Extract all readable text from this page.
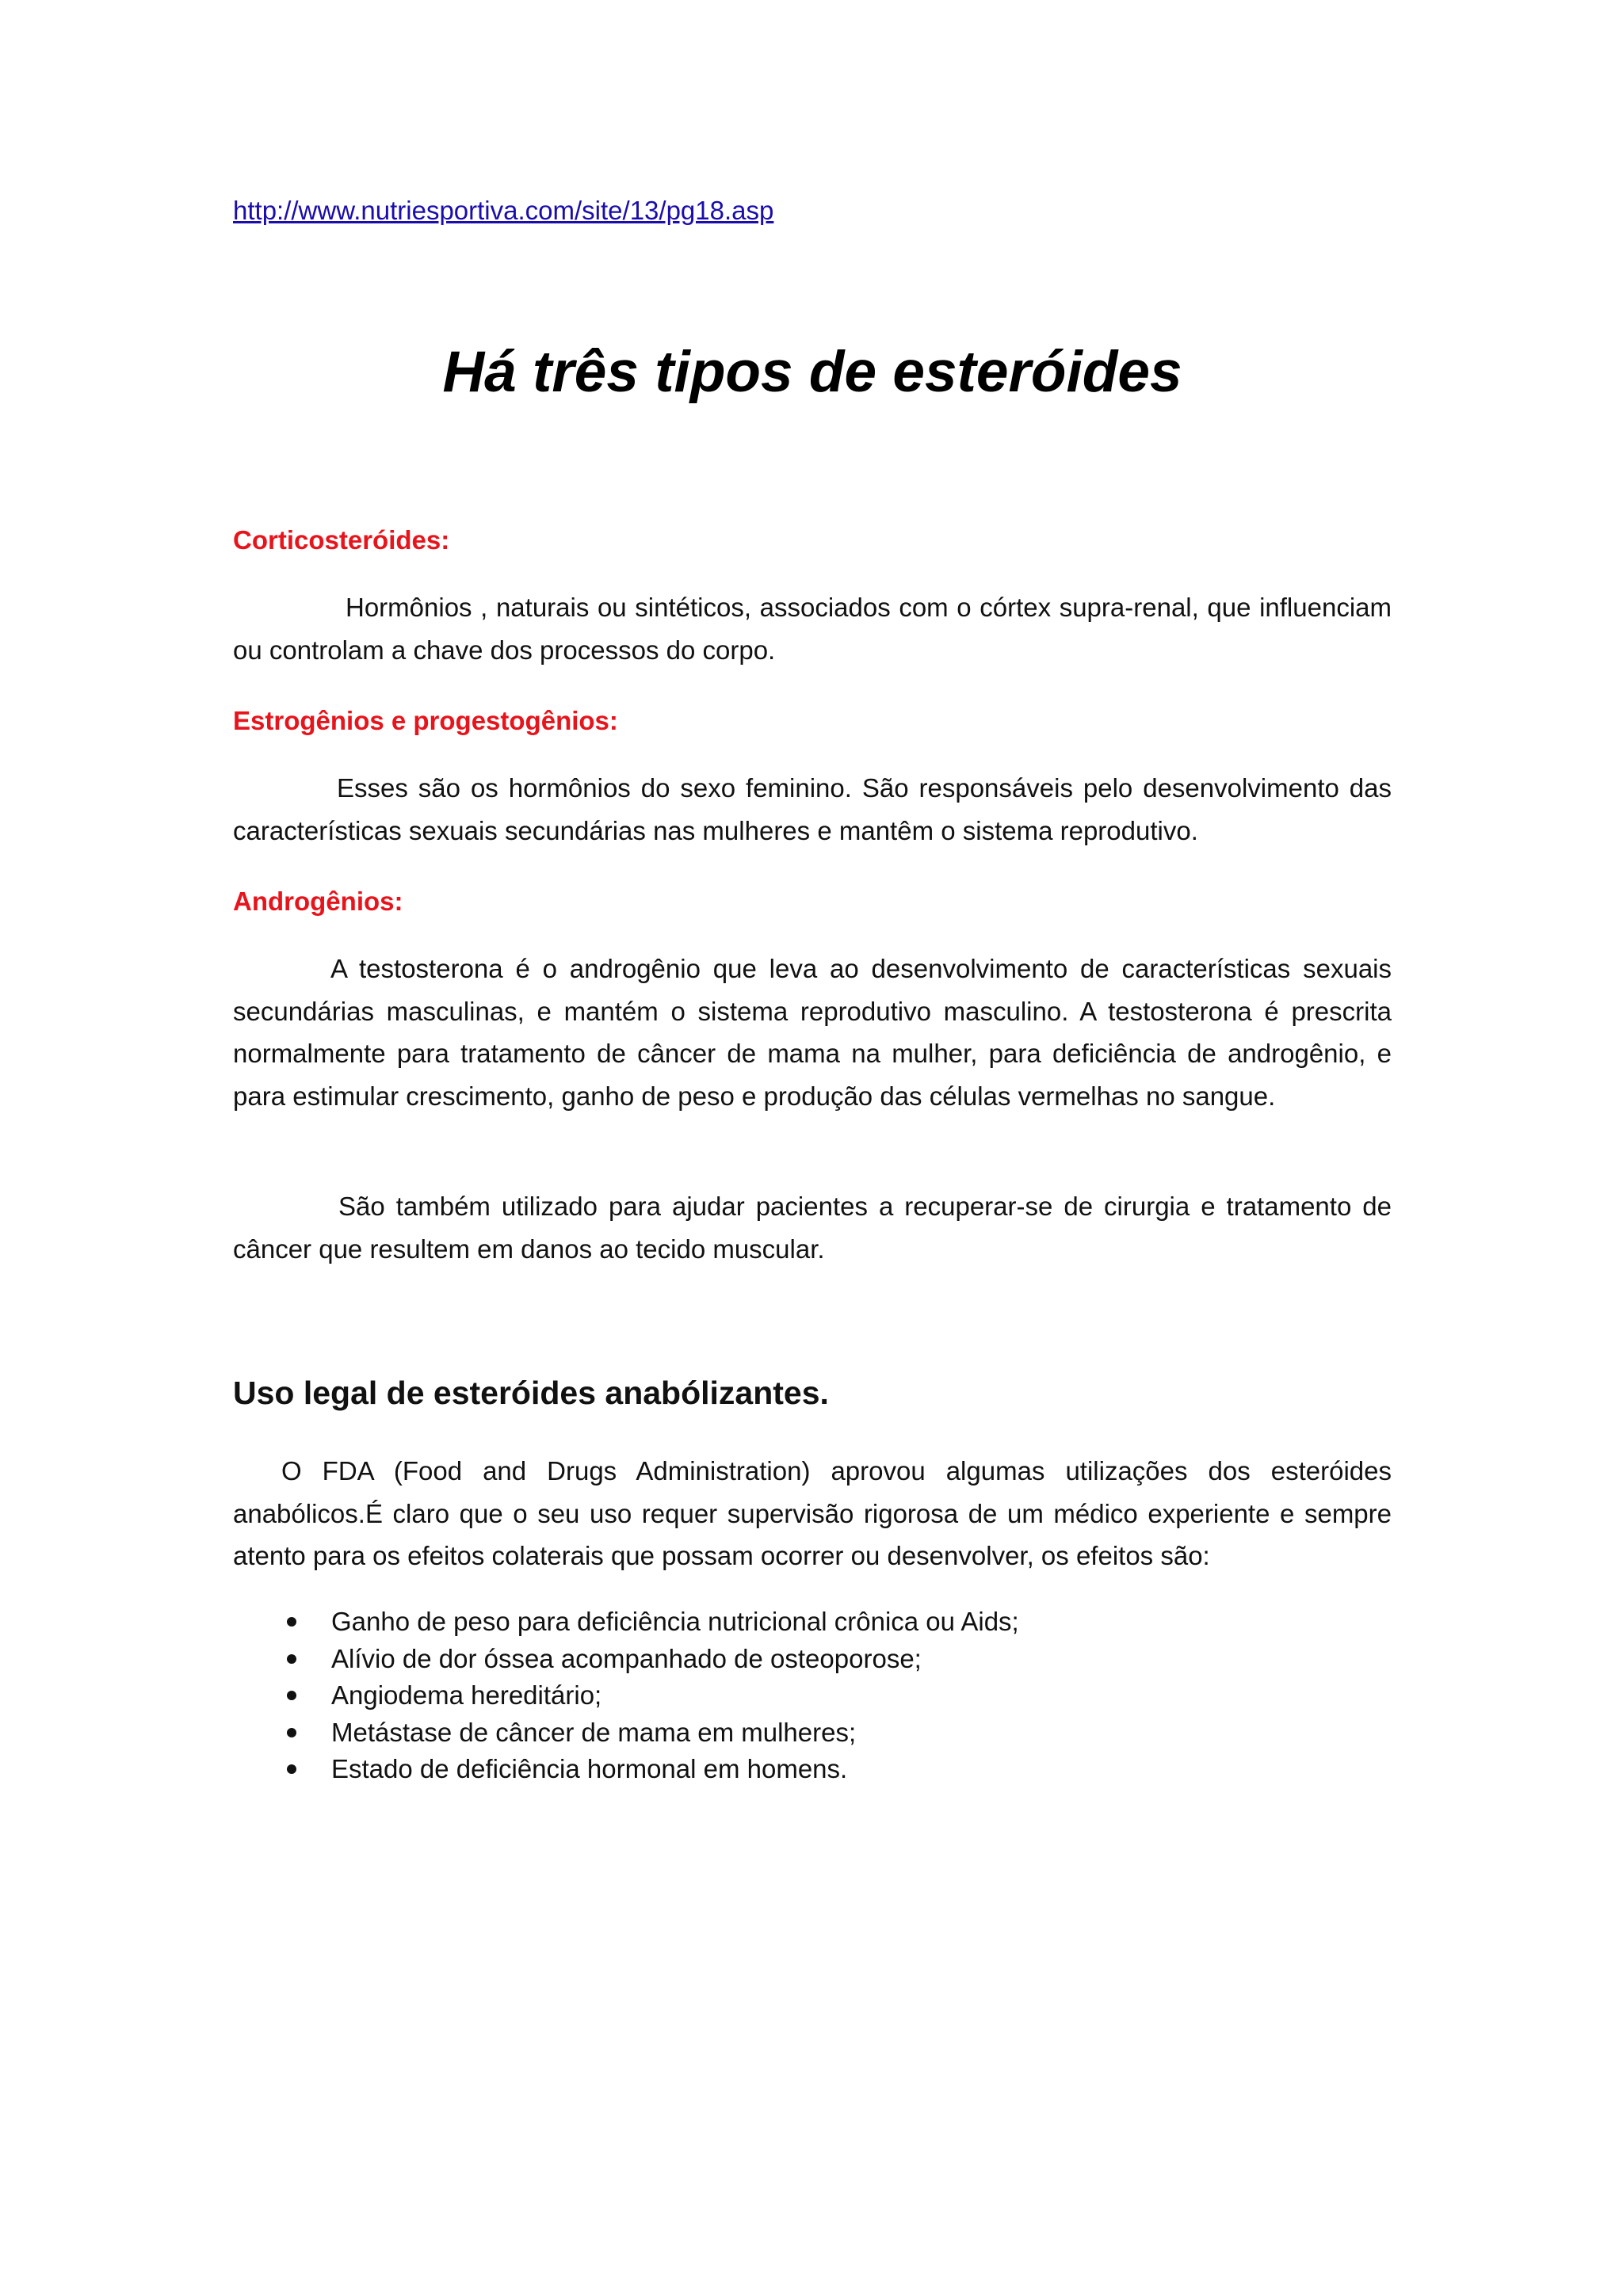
http://www.nutriesportiva.com/site/13/pg18.asp
Há três tipos de esteróides
Corticosteróides:

Hormônios , naturais ou sintéticos, associados com o córtex supra-renal, que influenciam ou controlam a chave dos processos do corpo.

Estrogênios e progestogênios:

Esses são os hormônios do sexo feminino. São responsáveis pelo desenvolvimento das características sexuais secundárias nas mulheres e mantêm o sistema reprodutivo.

Androgênios:

A testosterona é o androgênio que leva ao desenvolvimento de características sexuais secundárias masculinas, e mantém o sistema reprodutivo masculino. A testosterona é prescrita normalmente para tratamento de câncer de mama na mulher, para deficiência de androgênio, e para estimular crescimento, ganho de peso e produção das células vermelhas no sangue.

São também utilizado para ajudar pacientes a recuperar-se de cirurgia e tratamento de câncer que resultem em danos ao tecido muscular.

Uso legal de esteróides anabólizantes.

O FDA (Food and Drugs Administration) aprovou algumas utilizações dos esteróides anabólicos.É claro que o seu uso requer supervisão rigorosa de um médico experiente e sempre atento para os efeitos colaterais que possam ocorrer ou desenvolver, os efeitos são:

Ganho de peso para deficiência nutricional crônica ou Aids;
Alívio de dor óssea acompanhado de osteoporose;
Angiodema hereditário;
Metástase de câncer de mama em mulheres;
Estado de deficiência hormonal em homens.
